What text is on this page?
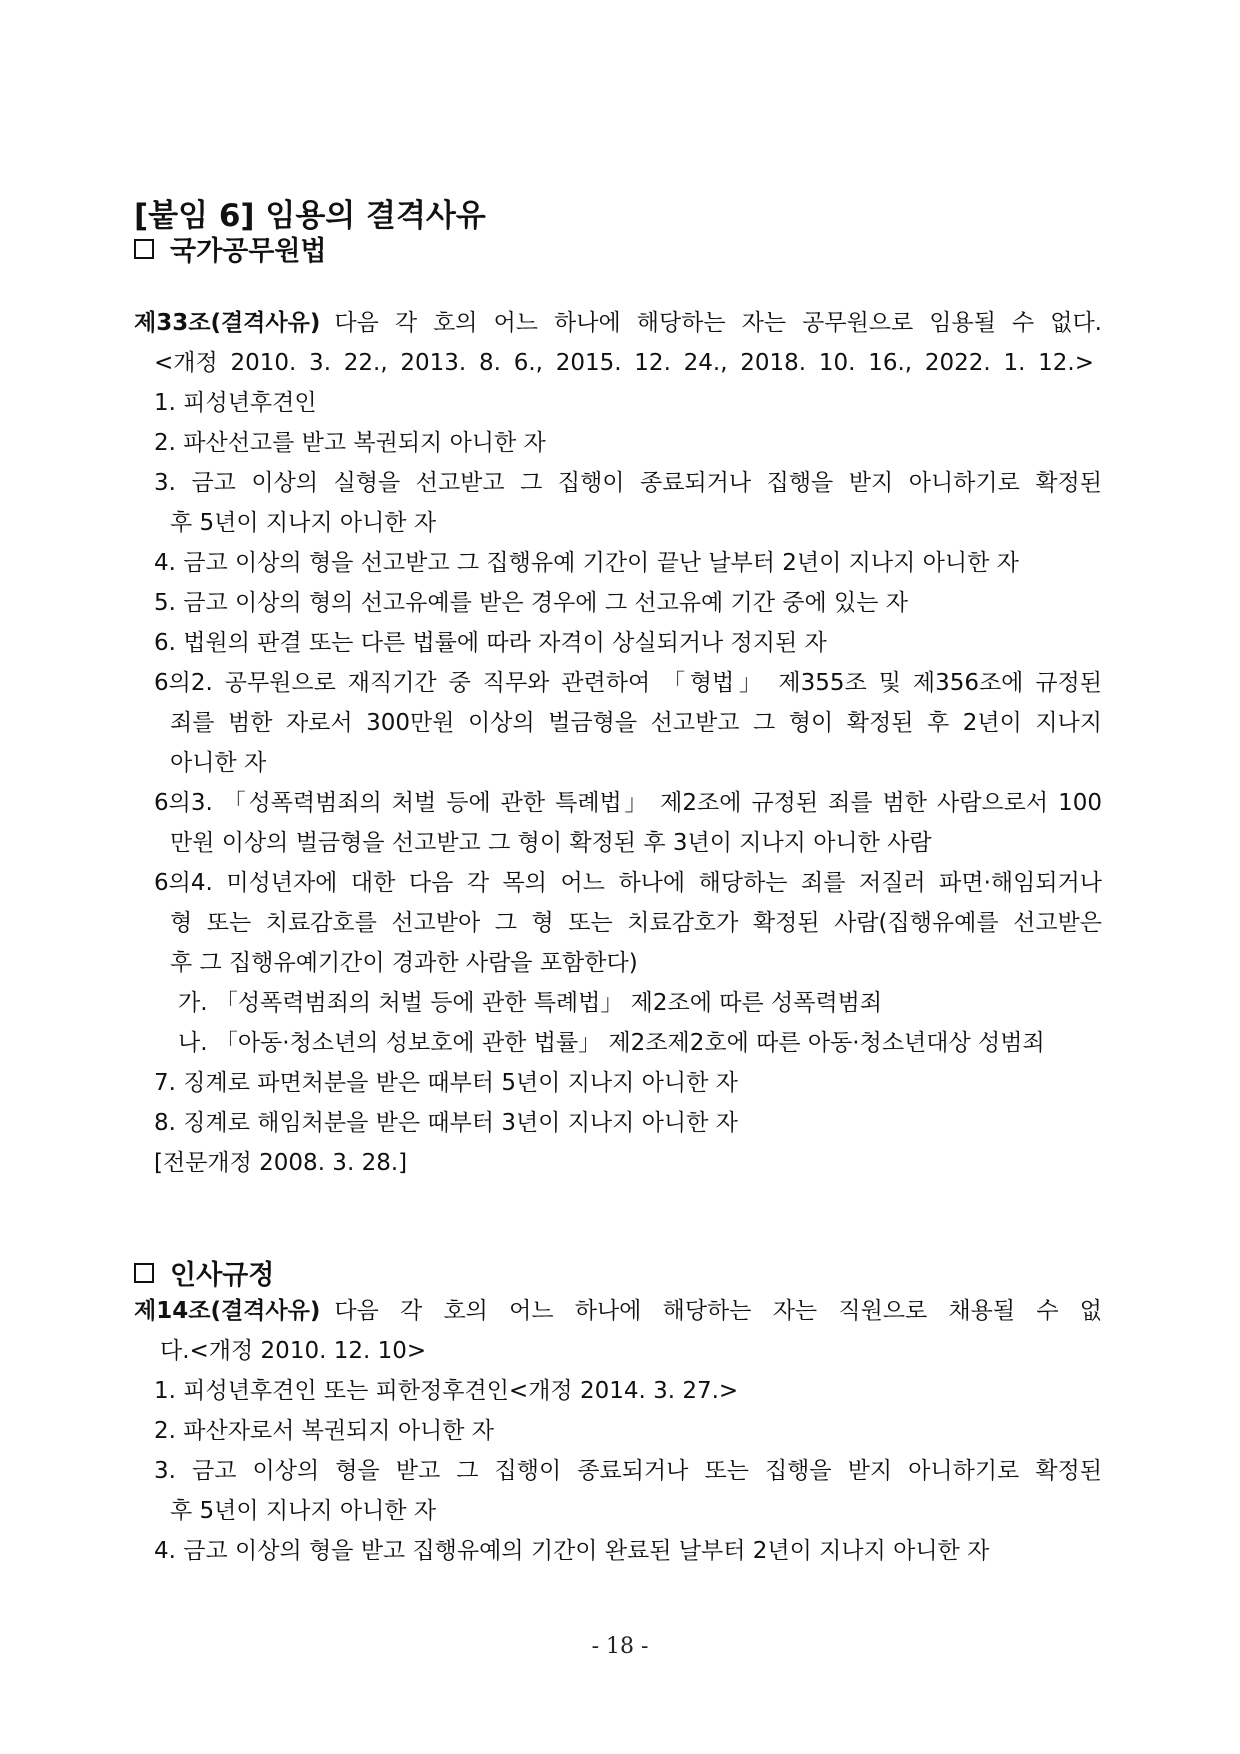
[붙임 6] 임용의 결격사유
국가공무원법
제33조(결격사유) 다음 각 호의 어느 하나에 해당하는 자는 공무원으로 임용될 수 없다.
<개정 2010. 3. 22., 2013. 8. 6., 2015. 12. 24., 2018. 10. 16., 2022. 1. 12.>
1. 피성년후견인
2. 파산선고를 받고 복권되지 아니한 자
3. 금고 이상의 실형을 선고받고 그 집행이 종료되거나 집행을 받지 아니하기로 확정된
후 5년이 지나지 아니한 자
4. 금고 이상의 형을 선고받고 그 집행유예 기간이 끝난 날부터 2년이 지나지 아니한 자
5. 금고 이상의 형의 선고유예를 받은 경우에 그 선고유예 기간 중에 있는 자
6. 법원의 판결 또는 다른 법률에 따라 자격이 상실되거나 정지된 자
6의2. 공무원으로 재직기간 중 직무와 관련하여 「형법」 제355조 및 제356조에 규정된
죄를 범한 자로서 300만원 이상의 벌금형을 선고받고 그 형이 확정된 후 2년이 지나지
아니한 자
6의3. 「성폭력범죄의 처벌 등에 관한 특례법」 제2조에 규정된 죄를 범한 사람으로서 100
만원 이상의 벌금형을 선고받고 그 형이 확정된 후 3년이 지나지 아니한 사람
6의4. 미성년자에 대한 다음 각 목의 어느 하나에 해당하는 죄를 저질러 파면·해임되거나
형 또는 치료감호를 선고받아 그 형 또는 치료감호가 확정된 사람(집행유예를 선고받은
후 그 집행유예기간이 경과한 사람을 포함한다)
가. 「성폭력범죄의 처벌 등에 관한 특례법」 제2조에 따른 성폭력범죄
나. 「아동·청소년의 성보호에 관한 법률」 제2조제2호에 따른 아동·청소년대상 성범죄
7. 징계로 파면처분을 받은 때부터 5년이 지나지 아니한 자
8. 징계로 해임처분을 받은 때부터 3년이 지나지 아니한 자
[전문개정 2008. 3. 28.]
인사규정
제14조(결격사유) 다음 각 호의 어느 하나에 해당하는 자는 직원으로 채용될 수 없
다.<개정 2010. 12. 10>
1. 피성년후견인 또는 피한정후견인<개정 2014. 3. 27.>
2. 파산자로서 복권되지 아니한 자
3. 금고 이상의 형을 받고 그 집행이 종료되거나 또는 집행을 받지 아니하기로 확정된
후 5년이 지나지 아니한 자
4. 금고 이상의 형을 받고 집행유예의 기간이 완료된 날부터 2년이 지나지 아니한 자
- 18 -
